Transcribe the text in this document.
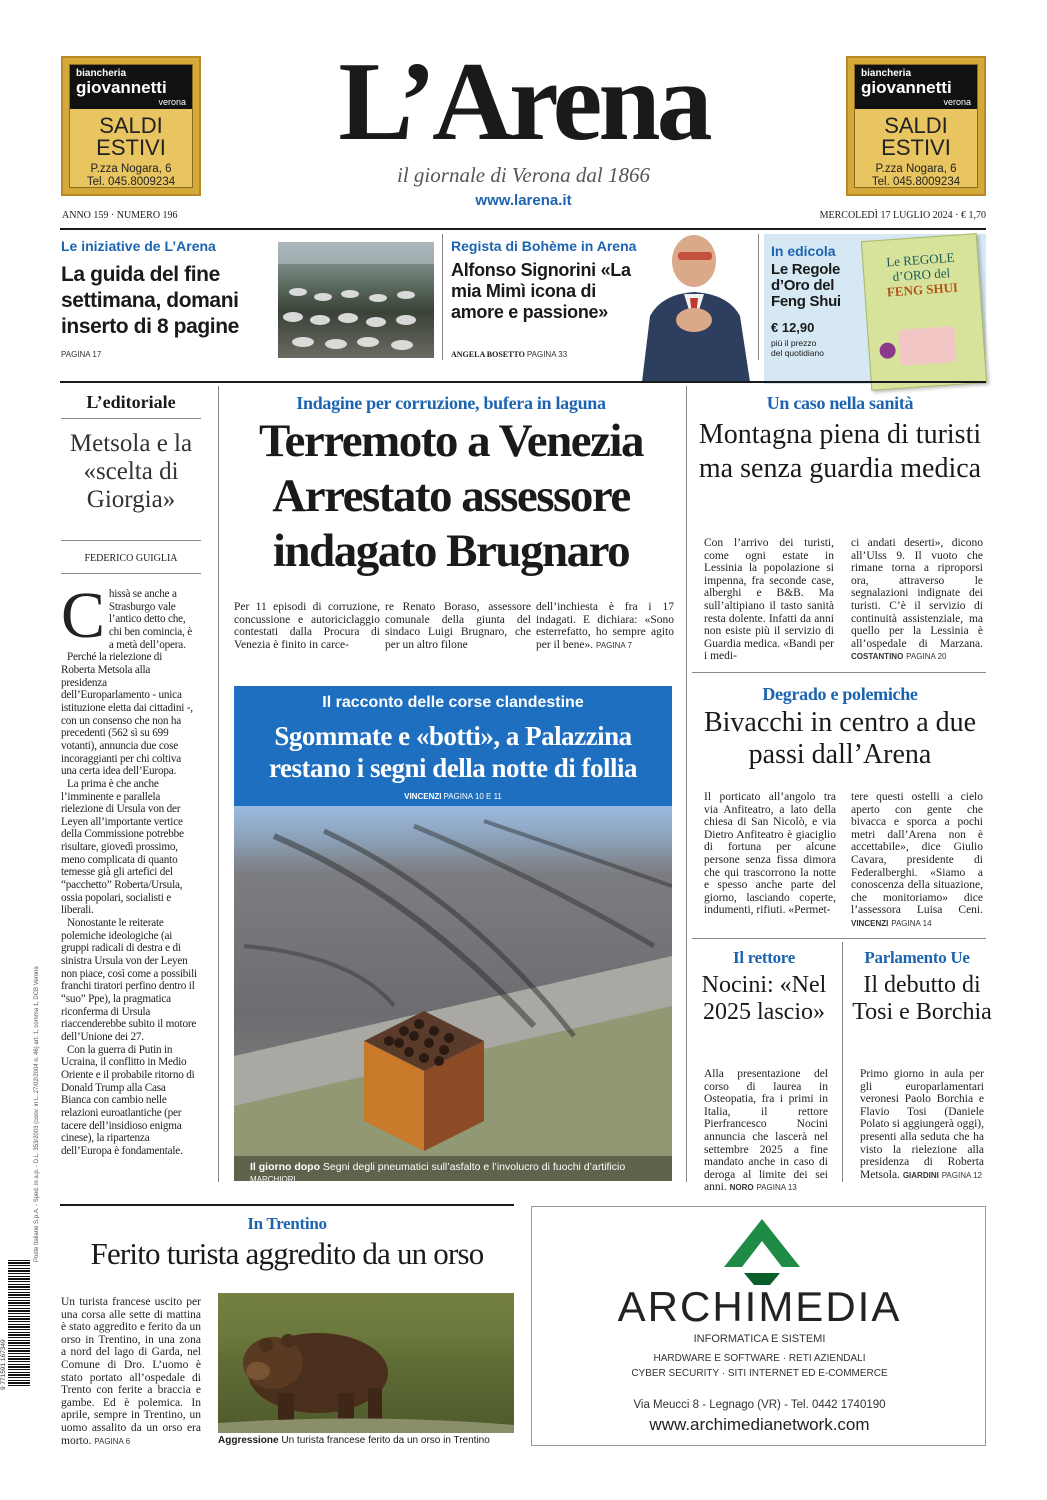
biancheria
giovannetti
verona
SALDI
ESTIVI
P.zza Nogara, 6
Tel. 045.8009234
biancheria
giovannetti
verona
SALDI
ESTIVI
P.zza Nogara, 6
Tel. 045.8009234
L’Arena
il giornale di Verona dal 1866
www.larena.it
ANNO 159 · NUMERO 196	MERCOLEDÌ 17 LUGLIO 2024 · € 1,70
Le iniziative de L’Arena
La guida del fine settimana, domani inserto di 8 pagine
PAGINA 17
Regista di Bohème in Arena
Alfonso Signorini «La mia Mimì icona di amore e passione»
ANGELA BOSETTO PAGINA 33
In edicola
Le Regole d’Oro del Feng Shui
€ 12,90
più il prezzo
del quotidiano
Le REGOLE
d’ORO del
FENG SHUI
L’editoriale
Metsola e la «scelta di Giorgia»
FEDERICO GUIGLIA
C hissà se anche a Strasburgo vale l’antico detto che, chi ben comincia, è a metà dell’opera.
Perché la rielezione di Roberta Metsola alla presidenza dell’Europarlamento - unica istituzione eletta dai cittadini -, con un consenso che non ha precedenti (562 sì su 699 votanti), annuncia due cose incoraggianti per chi coltiva una certa idea dell’Europa.
La prima è che anche l’imminente e parallela rielezione di Ursula von der Leyen all’importante vertice della Commissione potrebbe risultare, giovedì prossimo, meno complicata di quanto temesse già gli artefici del “pacchetto” Roberta/Ursula, ossia popolari, socialisti e liberali.
Nonostante le reiterate polemiche ideologiche (ai gruppi radicali di destra e di sinistra Ursula von der Leyen non piace, così come a possibili franchi tiratori perfino dentro il “suo” Ppe), la pragmatica riconferma di Ursula riaccenderebbe subito il motore dell’Unione dei 27.
Con la guerra di Putin in Ucraina, il conflitto in Medio Oriente e il probabile ritorno di Donald Trump alla Casa Bianca con cambio nelle relazioni euroatlantiche (per tacere dell’insidioso enigma cinese), la ripartenza dell’Europa è fondamentale.
Indagine per corruzione, bufera in laguna
Terremoto a Venezia
Arrestato assessore
indagato Brugnaro
Per 11 episodi di corruzione, concussione e autoriciclaggio contestati dalla Procura di Venezia è finito in carce-
re Renato Boraso, assessore comunale della giunta del sindaco Luigi Brugnaro, che per un altro filone
dell’inchiesta è fra i 17 indagati. E dichiara: «Sono esterrefatto, ho sempre agito per il bene». PAGINA 7
Un caso nella sanità
Montagna piena di turisti ma senza guardia medica
Con l’arrivo dei turisti, come ogni estate in Lessinia la popolazione si impenna, fra seconde case, alberghi e B&B. Ma sull’altipiano il tasto sanità resta dolente. Infatti da anni non esiste più il servizio di Guardia medica. «Bandi per i medi-
ci andati deserti», dicono all’Ulss 9. Il vuoto che rimane torna a riproporsi ora, attraverso le segnalazioni indignate dei turisti. C’è il servizio di continuità assistenziale, ma quello per la Lessinia è all’ospedale di Marzana. COSTANTINO PAGINA 20
Il racconto delle corse clandestine
Sgommate e «botti», a Palazzina restano i segni della notte di follia
VINCENZI PAGINA 10 E 11
Il giorno dopo Segni degli pneumatici sull’asfalto e l’involucro di fuochi d’artificio MARCHIORI
Degrado e polemiche
Bivacchi in centro a due passi dall’Arena
Il porticato all’angolo tra via Anfiteatro, a lato della chiesa di San Nicolò, e via Dietro Anfiteatro è giaciglio di fortuna per alcune persone senza fissa dimora che qui trascorrono la notte e spesso anche parte del giorno, lasciando coperte, indumenti, rifiuti. «Permet-
tere questi ostelli a cielo aperto con gente che bivacca e sporca a pochi metri dall’Arena non è accettabile», dice Giulio Cavara, presidente di Federalberghi. «Siamo a conoscenza della situazione, che monitoriamo» dice l’assessora Luisa Ceni. VINCENZI PAGINA 14
Il rettore
Nocini: «Nel 2025 lascio»
Alla presentazione del corso di laurea in Osteopatia, fra i primi in Italia, il rettore Pierfrancesco Nocini annuncia che lascerà nel settembre 2025 a fine mandato anche in caso di deroga al limite dei sei anni. NORO PAGINA 13
Parlamento Ue
Il debutto di Tosi e Borchia
Primo giorno in aula per gli europarlamentari veronesi Paolo Borchia e Flavio Tosi (Daniele Polato si aggiungerà oggi), presenti alla seduta che ha visto la rielezione alla presidenza di Roberta Metsola. GIARDINI PAGINA 12
In Trentino
Ferito turista aggredito da un orso
Un turista francese uscito per una corsa alle sette di mattina è stato aggredito e ferito da un orso in Trentino, in una zona a nord del lago di Garda, nel Comune di Dro. L’uomo è stato portato all’ospedale di Trento con ferite a braccia e gambe. Ed è polemica. In aprile, sempre in Trentino, un uomo assalito da un orso era morto. PAGINA 6	Aggressione Un turista francese ferito da un orso in Trentino
ARCHIMEDIA
INFORMATICA E SISTEMI
HARDWARE E SOFTWARE · RETI AZIENDALI
CYBER SECURITY · SITI INTERNET ED E-COMMERCE
Via Meucci 8 - Legnago (VR) - Tel. 0442 1740190
www.archimedianetwork.com
Poste Italiane S.p.A. - Sped. in a.p. - D.L. 353/2003 (conv. in L. 27/02/2004 n. 46) art. 1, comma 1, DCB Verona
9 771591 167349
